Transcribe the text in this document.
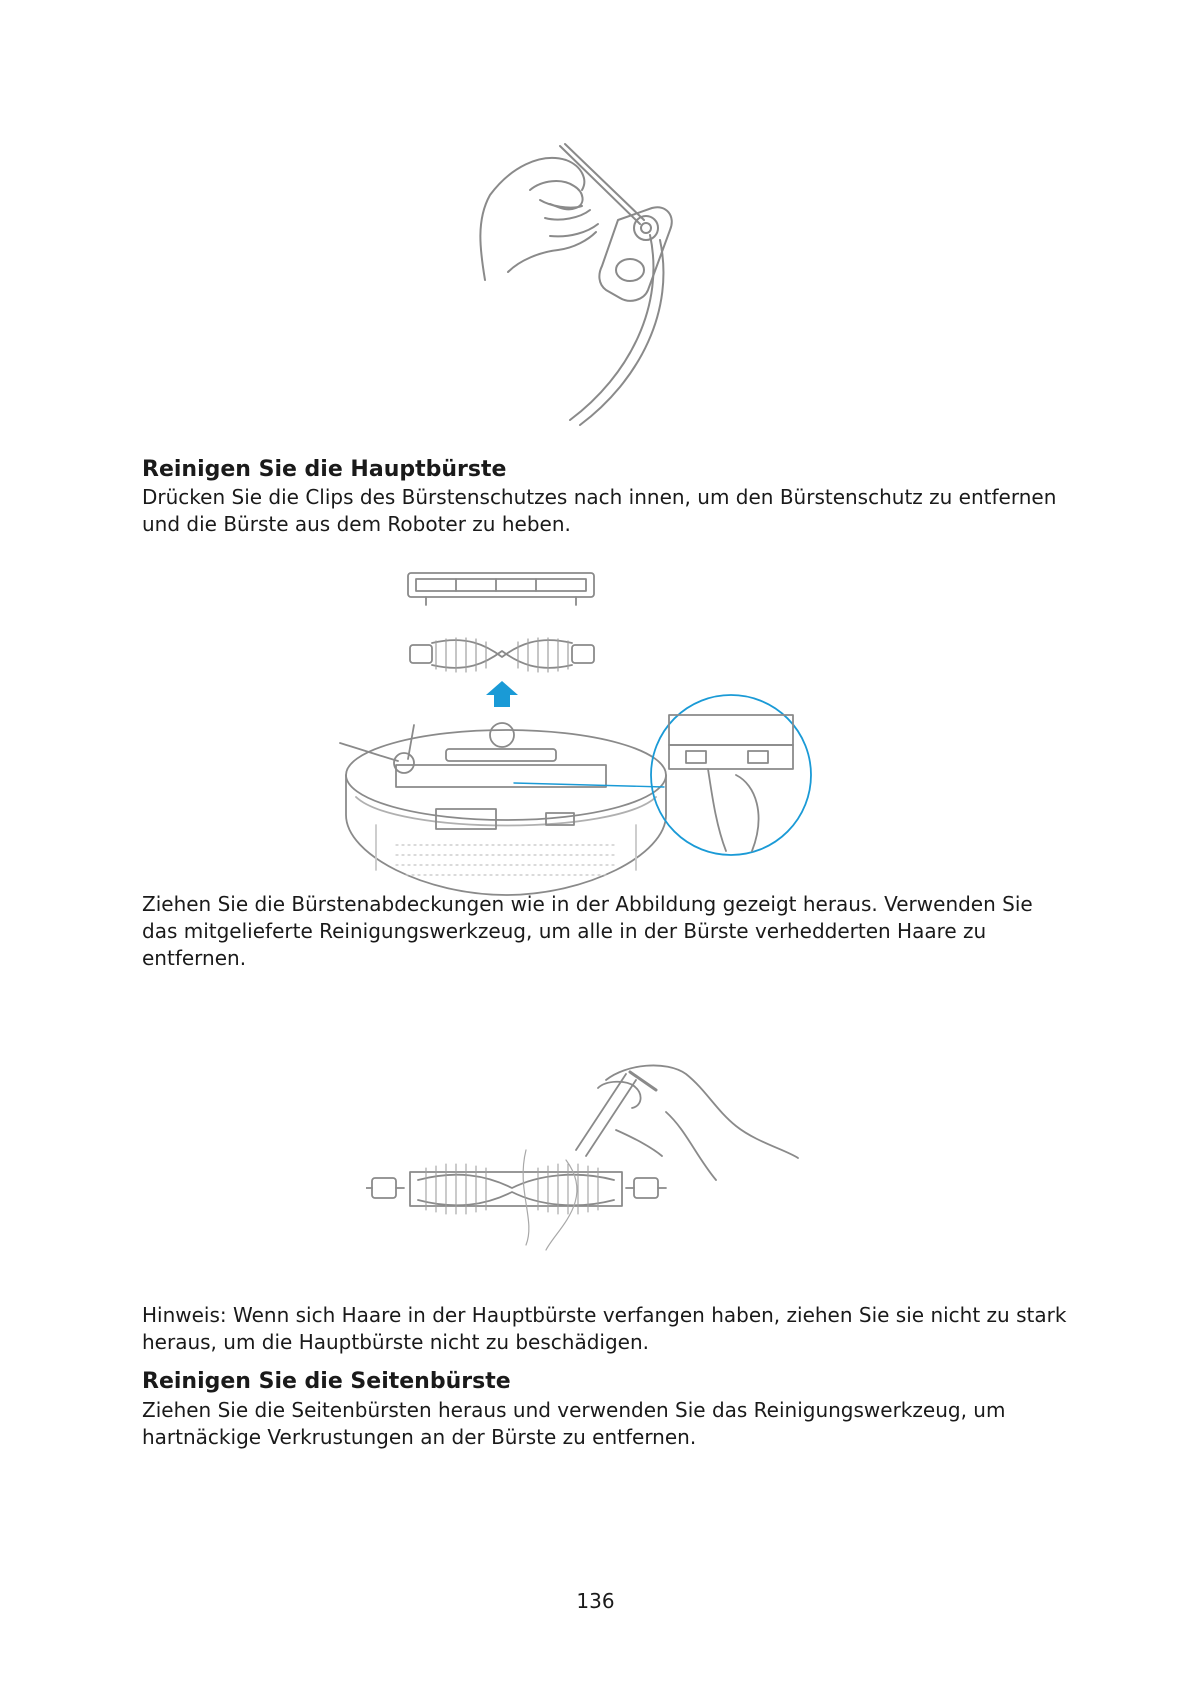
Reinigen Sie die Hauptbürste

Drücken Sie die Clips des Bürstenschutzes nach innen, um den Bürstenschutz zu entfernen und die Bürste aus dem Roboter zu heben.

Ziehen Sie die Bürstenabdeckungen wie in der Abbildung gezeigt heraus. Verwenden Sie das mitgelieferte Reinigungswerkzeug, um alle in der Bürste verhedderten Haare zu entfernen.

Hinweis: Wenn sich Haare in der Hauptbürste verfangen haben, ziehen Sie sie nicht zu stark heraus, um die Hauptbürste nicht zu beschädigen.

Reinigen Sie die Seitenbürste

Ziehen Sie die Seitenbürsten heraus und verwenden Sie das Reinigungswerkzeug, um hartnäckige Verkrustungen an der Bürste zu entfernen.

136
